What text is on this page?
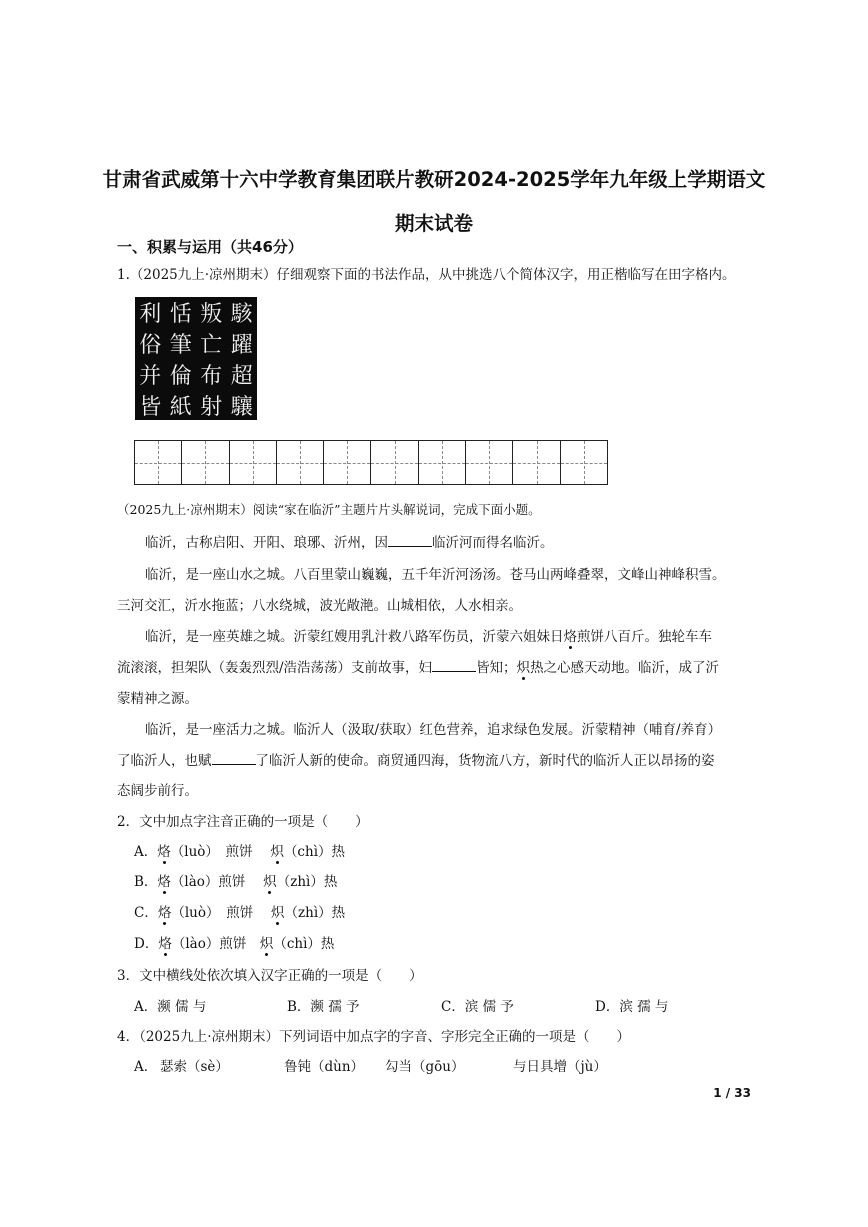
甘肃省武威第十六中学教育集团联片教研2024-2025学年九年级上学期语文期末试卷
一、积累与运用（共46分）
1.（2025九上·凉州期末）仔细观察下面的书法作品，从中挑选八个简体汉字，用正楷临写在田字格内。
利 恬 叛 駭
俗 筆 亡 躍
并 倫 布 超
皆 紙 射 驤
（2025九上·凉州期末）阅读“家在临沂”主题片片头解说词，完成下面小题。
临沂，古称启阳、开阳、琅琊、沂州，因	临沂河而得名临沂。
临沂，是一座山水之城。八百里蒙山巍巍，五千年沂河汤汤。苍马山两峰叠翠，文峰山神峰积雪。
三河交汇，沂水拖蓝；八水绕城，波光敞滟。山城相依，人水相亲。
临沂，是一座英雄之城。沂蒙红嫂用乳汁救八路军伤员，沂蒙六姐妹日烙煎饼八百斤。独轮车车
流滚滚，担架队（轰轰烈烈/浩浩荡荡）支前故事，妇	皆知；炽热之心感天动地。临沂，成了沂
蒙精神之源。
临沂，是一座活力之城。临沂人（汲取/获取）红色营养，追求绿色发展。沂蒙精神（哺育/养育）
了临沂人，也赋	了临沂人新的使命。商贸通四海，货物流八方，新时代的临沂人正以昂扬的姿
态阔步前行。
2．文中加点字注音正确的一项是（　　）
A．烙（luò）　煎饼　 炽（chì）热
B．烙（lào）煎饼　 炽（zhì）热
C．烙（luò）　煎饼　 炽（zhì）热
D．烙（lào）煎饼　炽（chì）热
3．文中横线处依次填入汉字正确的一项是（　　）
A．濒 儒 与	B．濒 孺 予	C．滨 儒 予	D．滨 孺 与
4．（2025九上·凉州期末）下列词语中加点字的字音、字形完全正确的一项是（　　）
A． 瑟索（sè）	鲁钝（dùn） 勾当（gōu）	与日具增（jù）
1 / 33
